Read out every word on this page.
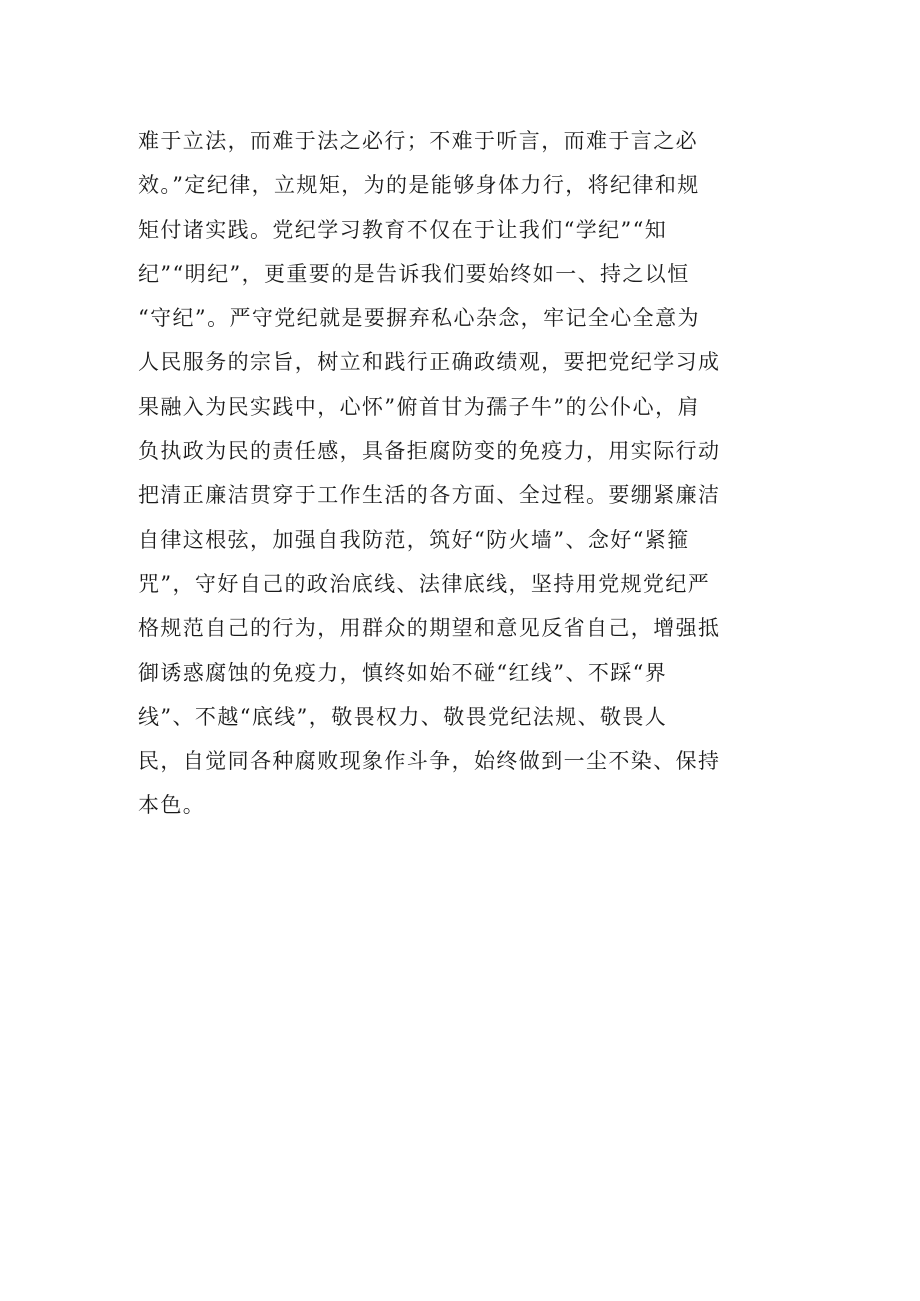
难于立法，而难于法之必行；不难于听言，而难于言之必
效。”定纪律，立规矩，为的是能够身体力行，将纪律和规
矩付诸实践。党纪学习教育不仅在于让我们“学纪”“知
纪”“明纪”，更重要的是告诉我们要始终如一、持之以恒
“守纪”。严守党纪就是要摒弃私心杂念，牢记全心全意为
人民服务的宗旨，树立和践行正确政绩观，要把党纪学习成
果融入为民实践中，心怀”俯首甘为孺子牛”的公仆心，肩
负执政为民的责任感，具备拒腐防变的免疫力，用实际行动
把清正廉洁贯穿于工作生活的各方面、全过程。要绷紧廉洁
自律这根弦，加强自我防范，筑好“防火墙”、念好“紧箍
咒”，守好自己的政治底线、法律底线，坚持用党规党纪严
格规范自己的行为，用群众的期望和意见反省自己，增强抵
御诱惑腐蚀的免疫力，慎终如始不碰“红线”、不踩“界
线”、不越“底线”，敬畏权力、敬畏党纪法规、敬畏人
民，自觉同各种腐败现象作斗争，始终做到一尘不染、保持
本色。
